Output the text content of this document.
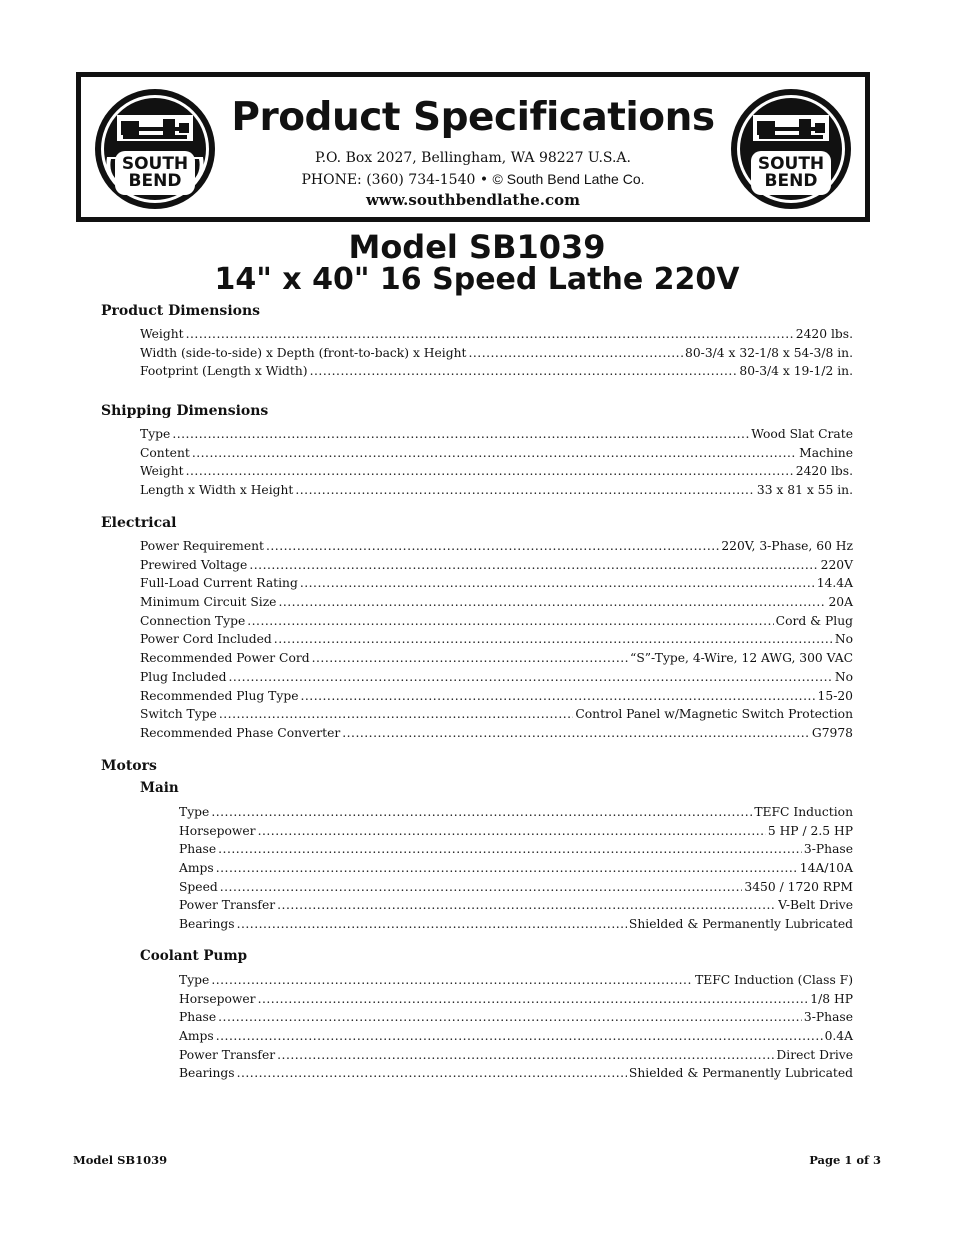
SOUTH
BEND
Product Specifications
P.O. Box 2027, Bellingham, WA 98227 U.S.A.
PHONE: (360) 734-1540 • © South Bend Lathe Co.
www.southbendlathe.com
SOUTH
BEND
Model SB1039
14" x 40" 16 Speed Lathe 220V
Product Dimensions
Weight .....	2420 lbs.
Width (side-to-side) x Depth (front-to-back) x Height .....	80-3/4 x 32-1/8 x 54-3/8 in.
Footprint (Length x Width) .....	80-3/4 x 19-1/2 in.
Shipping Dimensions
Type .....	Wood Slat Crate
Content .....	Machine
Weight .....	2420 lbs.
Length x Width x Height .....	33 x 81 x 55 in.
Electrical
Power Requirement .....	220V, 3-Phase, 60 Hz
Prewired Voltage .....	220V
Full-Load Current Rating .....	14.4A
Minimum Circuit Size .....	20A
Connection Type .....	Cord & Plug
Power Cord Included .....	No
Recommended Power Cord .....	“S”-Type, 4-Wire, 12 AWG, 300 VAC
Plug Included .....	No
Recommended Plug Type .....	15-20
Switch Type .....	Control Panel w/Magnetic Switch Protection
Recommended Phase Converter .....	G7978
Motors
Main
Type .....	TEFC Induction
Horsepower .....	5 HP / 2.5 HP
Phase .....	3-Phase
Amps .....	14A/10A
Speed .....	3450 / 1720 RPM
Power Transfer .....	V-Belt Drive
Bearings .....	Shielded & Permanently Lubricated
Coolant Pump
Type .....	TEFC Induction (Class F)
Horsepower .....	1/8 HP
Phase .....	3-Phase
Amps .....	0.4A
Power Transfer .....	Direct Drive
Bearings .....	Shielded & Permanently Lubricated
Model SB1039	Page 1 of 3
